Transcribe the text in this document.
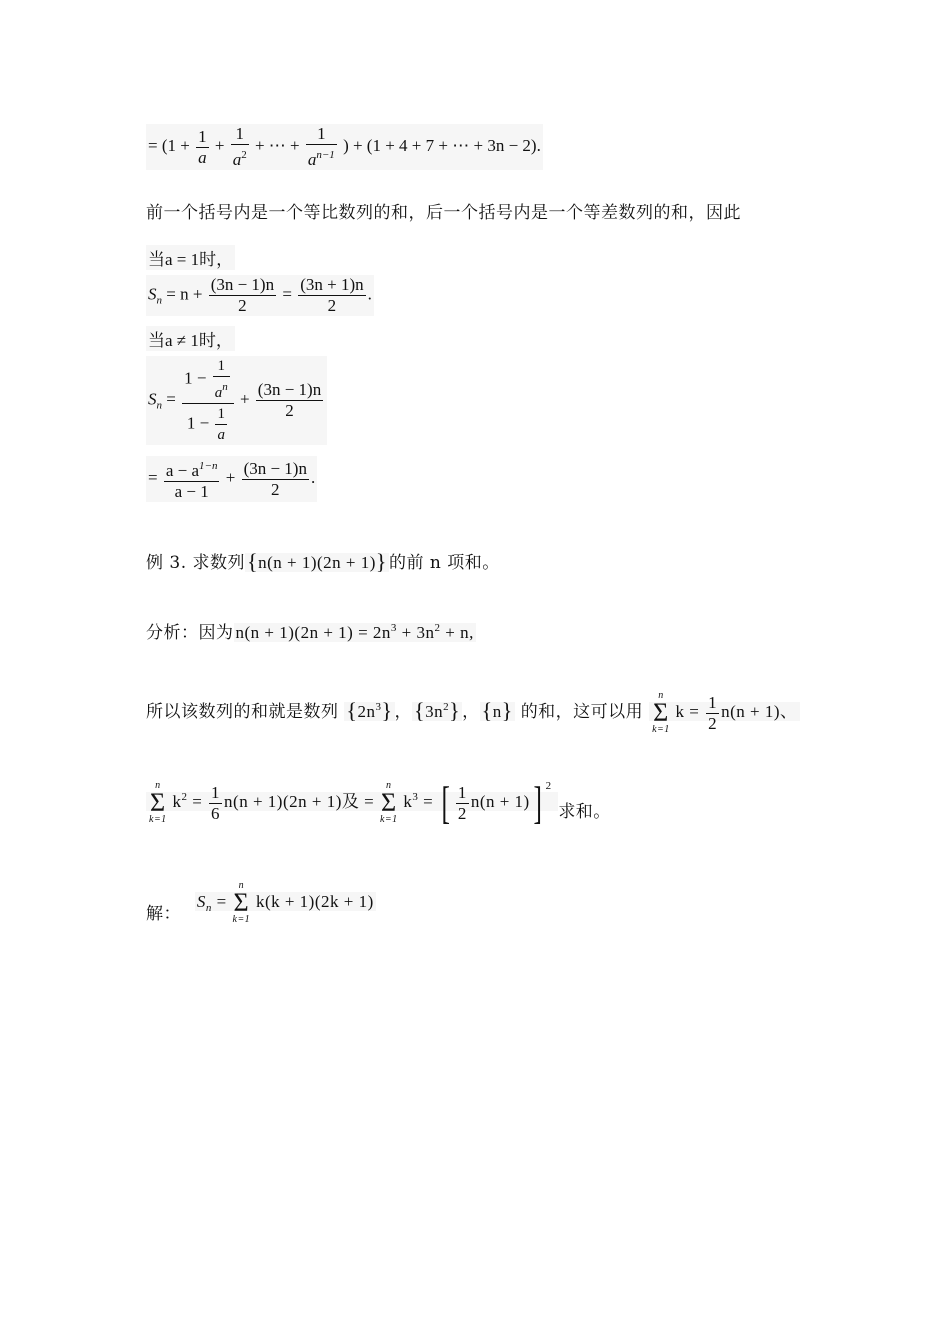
= ($1 + \frac{1}{a} + \frac{1}{a^2}$ + ⋯ + $\frac{1}{a^{n-1}}$ ) + (1 + 4 + 7 + ⋯ + 3n − 2).
前一个括号内是一个等比数列的和，后一个括号内是一个等差数列的和，因此
当a = 1时，
$S_n = n + \frac{(3n - 1)n}{2} = \frac{(3n + 1)n}{2}$ .
当a ≠ 1时，
$S_n = \frac{1 - \frac{1}{a^n}}{1 - \frac{1}{a}} + \frac{(3n - 1)n}{2}$
= $\frac{a - a^{1-n}}{a - 1} + \frac{(3n - 1)n}{2}$ .
例 3. 求数列{n(n + 1)(2n + 1)} 的前 n 项和。
分析：因为 $n(n + 1)(2n + 1) = 2n^3 + 3n^2 + n$,
所以该数列的和就是数列 $\{2n^3\}$ ，$\{3n^2\}$ ，{n} 的和，这可以用
n
Σ
k=1
$k = \frac{1}{2} n(n + 1)$、
n
Σ
k=1
$k^2 = \frac{1}{6} n(n + 1)(2n + 1)$及 =
n
Σ
k=1
$k^3$ = [ $\frac{1}{2} n(n + 1)$] $^2$ 求和。
解： $S_n$ =
n
Σ
k=1
k(k + 1)(2k + 1)
